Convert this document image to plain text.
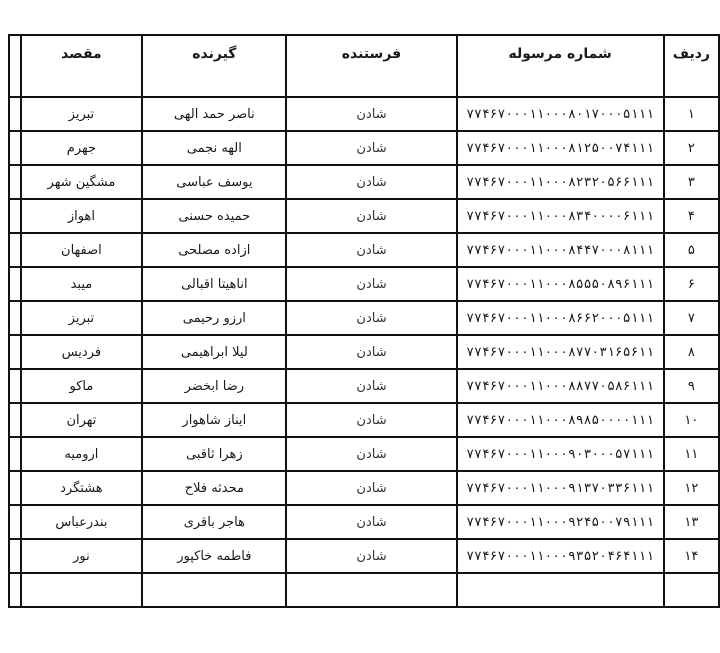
ردیف	شماره مرسوله	فرستنده	گیرنده	مقصد	
۱	۷۷۴۶۷۰۰۰۱۱۰۰۰۸۰۱۷۰۰۰۵۱۱۱	شادن	ناصر حمد الهی	تبریز	
۲	۷۷۴۶۷۰۰۰۱۱۰۰۰۸۱۲۵۰۰۷۴۱۱۱	شادن	الهه نجمی	جهرم	
۳	۷۷۴۶۷۰۰۰۱۱۰۰۰۸۲۳۲۰۵۶۶۱۱۱	شادن	یوسف عباسی	مشگین شهر	
۴	۷۷۴۶۷۰۰۰۱۱۰۰۰۸۳۴۰۰۰۰۶۱۱۱	شادن	حمیده حسنی	اهواز	
۵	۷۷۴۶۷۰۰۰۱۱۰۰۰۸۴۴۷۰۰۰۸۱۱۱	شادن	ازاده مصلحی	اصفهان	
۶	۷۷۴۶۷۰۰۰۱۱۰۰۰۸۵۵۵۰۸۹۶۱۱۱	شادن	اناهیتا اقبالی	میبد	
۷	۷۷۴۶۷۰۰۰۱۱۰۰۰۸۶۶۲۰۰۰۵۱۱۱	شادن	ارزو رحیمی	تبریز	
۸	۷۷۴۶۷۰۰۰۱۱۰۰۰۸۷۷۰۳۱۶۵۶۱۱	شادن	لیلا ابراهیمی	فردیس	
۹	۷۷۴۶۷۰۰۰۱۱۰۰۰۸۸۷۷۰۵۸۶۱۱۱	شادن	رضا ابخضر	ماکو	
۱۰	۷۷۴۶۷۰۰۰۱۱۰۰۰۸۹۸۵۰۰۰۰۱۱۱	شادن	ایناز شاهوار	تهران	
۱۱	۷۷۴۶۷۰۰۰۱۱۰۰۰۹۰۳۰۰۰۵۷۱۱۱	شادن	زهرا ثاقبی	ارومیه	
۱۲	۷۷۴۶۷۰۰۰۱۱۰۰۰۹۱۳۷۰۳۳۶۱۱۱	شادن	محدثه فلاح	هشتگرد	
۱۳	۷۷۴۶۷۰۰۰۱۱۰۰۰۹۲۴۵۰۰۷۹۱۱۱	شادن	هاجر باقری	بندرعباس	
۱۴	۷۷۴۶۷۰۰۰۱۱۰۰۰۹۳۵۲۰۴۶۴۱۱۱	شادن	فاطمه خاکپور	نور	
